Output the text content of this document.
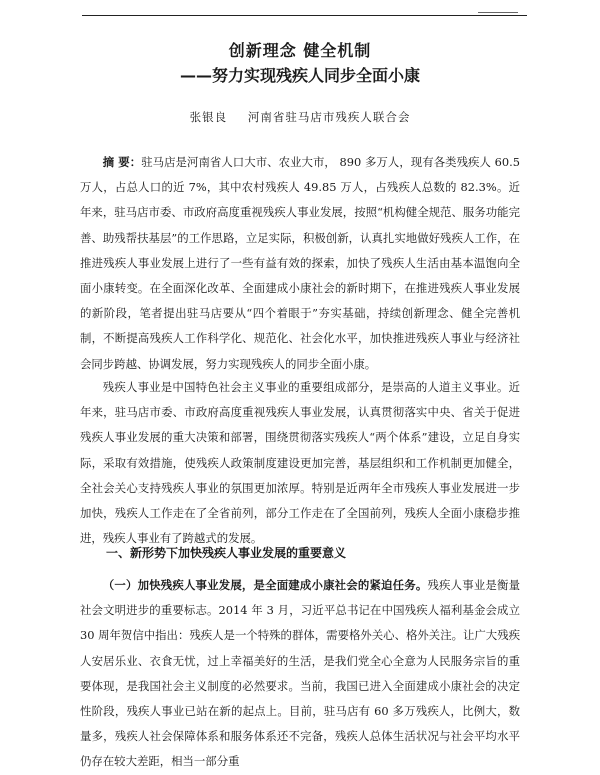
创新理念 健全机制
——努力实现残疾人同步全面小康
张银良 河南省驻马店市残疾人联合会

摘 要：驻马店是河南省人口大市、农业大市， 890 多万人，现有各类残疾人 60.5 万人，占总人口的近 7%，其中农村残疾人 49.85 万人，占残疾人总数的 82.3%。近年来，驻马店市委、市政府高度重视残疾人事业发展，按照“机构健全规范、服务功能完善、助残帮扶基层”的工作思路，立足实际，积极创新，认真扎实地做好残疾人工作，在推进残疾人事业发展上进行了一些有益有效的探索，加快了残疾人生活由基本温饱向全面小康转变。在全面深化改革、全面建成小康社会的新时期下，在推进残疾人事业发展的新阶段，笔者提出驻马店要从“四个着眼于”夯实基础，持续创新理念、健全完善机制，不断提高残疾人工作科学化、规范化、社会化水平，加快推进残疾人事业与经济社会同步跨越、协调发展，努力实现残疾人的同步全面小康。

残疾人事业是中国特色社会主义事业的重要组成部分，是崇高的人道主义事业。近年来，驻马店市委、市政府高度重视残疾人事业发展，认真贯彻落实中央、省关于促进残疾人事业发展的重大决策和部署，围绕贯彻落实残疾人“两个体系”建设，立足自身实际，采取有效措施，使残疾人政策制度建设更加完善，基层组织和工作机制更加健全，全社会关心支持残疾人事业的氛围更加浓厚。特别是近两年全市残疾人事业发展进一步加快，残疾人工作走在了全省前列，部分工作走在了全国前列，残疾人全面小康稳步推进，残疾人事业有了跨越式的发展。

一、新形势下加快残疾人事业发展的重要意义

（一）加快残疾人事业发展，是全面建成小康社会的紧迫任务。残疾人事业是衡量社会文明进步的重要标志。2014 年 3 月，习近平总书记在中国残疾人福利基金会成立 30 周年贺信中指出：残疾人是一个特殊的群体，需要格外关心、格外关注。让广大残疾人安居乐业、衣食无忧，过上幸福美好的生活，是我们党全心全意为人民服务宗旨的重要体现，是我国社会主义制度的必然要求。当前，我国已进入全面建成小康社会的决定性阶段，残疾人事业已站在新的起点上。目前，驻马店有 60 多万残疾人，比例大，数量多，残疾人社会保障体系和服务体系还不完备，残疾人总体生活状况与社会平均水平仍存在较大差距，相当一部分重
